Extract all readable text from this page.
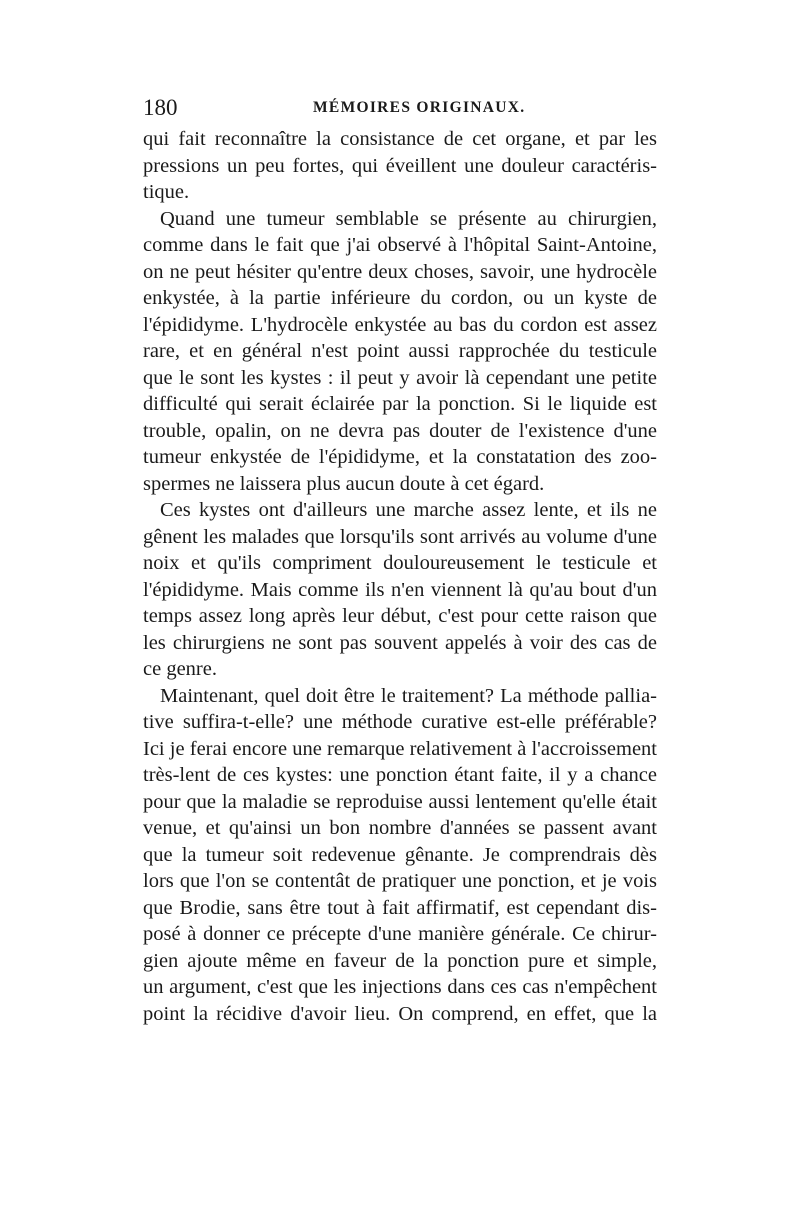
180	MÉMOIRES ORIGINAUX.
qui fait reconnaître la consistance de cet organe, et par les
pressions un peu fortes, qui éveillent une douleur caractéris-
tique.
Quand une tumeur semblable se présente au chirurgien,
comme dans le fait que j'ai observé à l'hôpital Saint-Antoine,
on ne peut hésiter qu'entre deux choses, savoir, une hydrocèle
enkystée, à la partie inférieure du cordon, ou un kyste de
l'épididyme. L'hydrocèle enkystée au bas du cordon est assez
rare, et en général n'est point aussi rapprochée du testicule
que le sont les kystes : il peut y avoir là cependant une petite
difficulté qui serait éclairée par la ponction. Si le liquide est
trouble, opalin, on ne devra pas douter de l'existence d'une
tumeur enkystée de l'épididyme, et la constatation des zoo-
spermes ne laissera plus aucun doute à cet égard.
Ces kystes ont d'ailleurs une marche assez lente, et ils ne
gênent les malades que lorsqu'ils sont arrivés au volume d'une
noix et qu'ils compriment douloureusement le testicule et
l'épididyme. Mais comme ils n'en viennent là qu'au bout d'un
temps assez long après leur début, c'est pour cette raison que
les chirurgiens ne sont pas souvent appelés à voir des cas de
ce genre.
Maintenant, quel doit être le traitement? La méthode pallia-
tive suffira-t-elle? une méthode curative est-elle préférable?
Ici je ferai encore une remarque relativement à l'accroissement
très-lent de ces kystes: une ponction étant faite, il y a chance
pour que la maladie se reproduise aussi lentement qu'elle était
venue, et qu'ainsi un bon nombre d'années se passent avant
que la tumeur soit redevenue gênante. Je comprendrais dès
lors que l'on se contentât de pratiquer une ponction, et je vois
que Brodie, sans être tout à fait affirmatif, est cependant dis-
posé à donner ce précepte d'une manière générale. Ce chirur-
gien ajoute même en faveur de la ponction pure et simple,
un argument, c'est que les injections dans ces cas n'empêchent
point la récidive d'avoir lieu. On comprend, en effet, que la
